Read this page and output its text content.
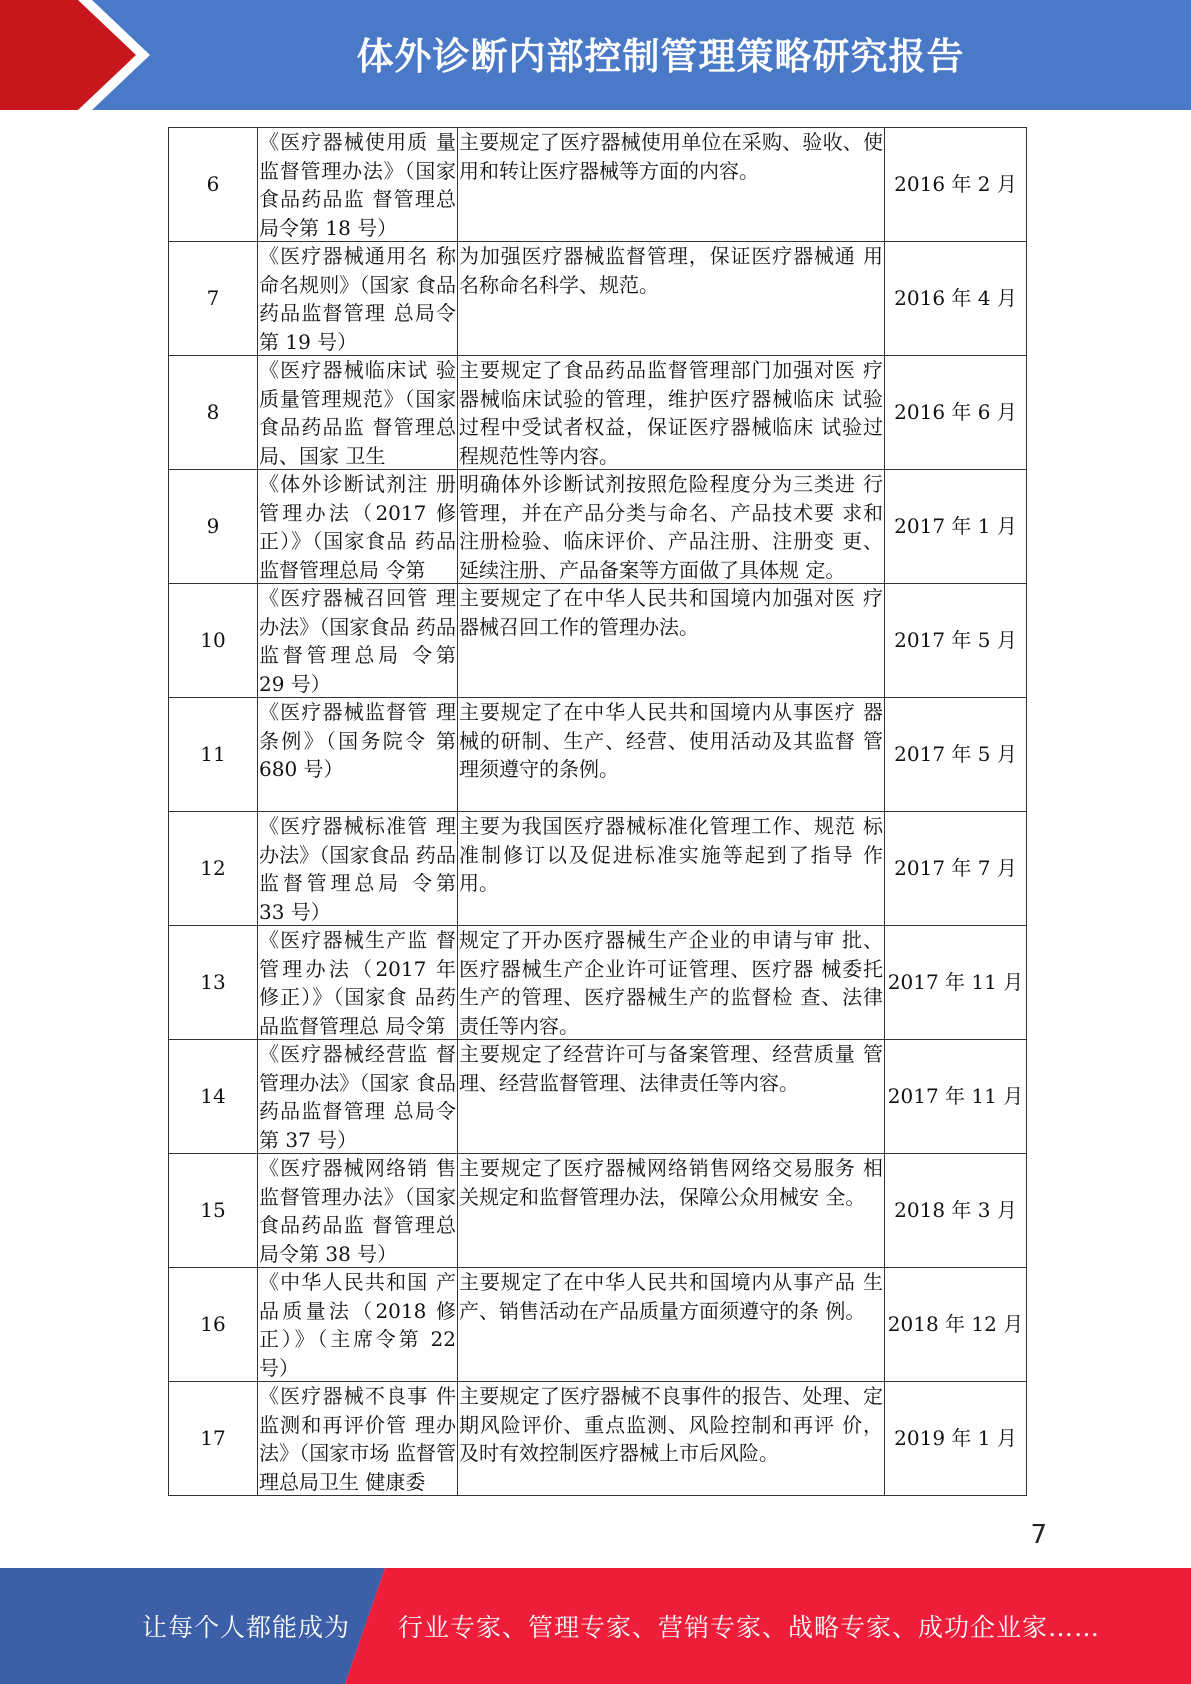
体外诊断内部控制管理策略研究报告
6	《医疗器械使用质 量监督管理办法》（国家食品药品监 督管理总局令第 18 号）	主要规定了医疗器械使用单位在采购、验收、使用和转让医疗器械等方面的内容。	2016 年 2 月
7	《医疗器械通用名 称命名规则》（国家 食品药品监督管理 总局令第 19 号）	为加强医疗器械监督管理，保证医疗器械通 用名称命名科学、规范。	2016 年 4 月
8	《医疗器械临床试 验质量管理规范》（国家食品药品监 督管理总局、国家 卫生	主要规定了食品药品监督管理部门加强对医 疗器械临床试验的管理，维护医疗器械临床 试验过程中受试者权益，保证医疗器械临床 试验过程规范性等内容。	2016 年 6 月
9	《体外诊断试剂注 册管理办法（2017 修正）》（国家食品 药品监督管理总局 令第	明确体外诊断试剂按照危险程度分为三类进 行管理，并在产品分类与命名、产品技术要 求和注册检验、临床评价、产品注册、注册变 更、延续注册、产品备案等方面做了具体规 定。	2017 年 1 月
10	《医疗器械召回管 理办法》（国家食品 药品监督管理总局 令第 29 号）	主要规定了在中华人民共和国境内加强对医 疗器械召回工作的管理办法。	2017 年 5 月
11	《医疗器械监督管 理条例》（国务院令 第 680 号）	主要规定了在中华人民共和国境内从事医疗 器械的研制、生产、经营、使用活动及其监督 管理须遵守的条例。	2017 年 5 月
12	《医疗器械标准管 理办法》（国家食品 药品监督管理总局 令第 33 号）	主要为我国医疗器械标准化管理工作、规范 标准制修订以及促进标准实施等起到了指导 作用。	2017 年 7 月
13	《医疗器械生产监 督管理办法（2017 年修正）》（国家食 品药品监督管理总 局令第	规定了开办医疗器械生产企业的申请与审 批、医疗器械生产企业许可证管理、医疗器 械委托生产的管理、医疗器械生产的监督检 查、法律责任等内容。	2017 年 11 月
14	《医疗器械经营监 督管理办法》（国家 食品药品监督管理 总局令第 37 号）	主要规定了经营许可与备案管理、经营质量 管理、经营监督管理、法律责任等内容。	2017 年 11 月
15	《医疗器械网络销 售监督管理办法》（国家食品药品监 督管理总局令第 38 号）	主要规定了医疗器械网络销售网络交易服务 相关规定和监督管理办法，保障公众用械安 全。	2018 年 3 月
16	《中华人民共和国 产品质量法（2018 修正）》（主席令第 22 号）	主要规定了在中华人民共和国境内从事产品 生产、销售活动在产品质量方面须遵守的条 例。	2018 年 12 月
17	《医疗器械不良事 件监测和再评价管 理办法》（国家市场 监督管理总局卫生 健康委	主要规定了医疗器械不良事件的报告、处理、定期风险评价、重点监测、风险控制和再评 价，及时有效控制医疗器械上市后风险。	2019 年 1 月
7
让每个人都能成为 行业专家、管理专家、营销专家、战略专家、成功企业家……
